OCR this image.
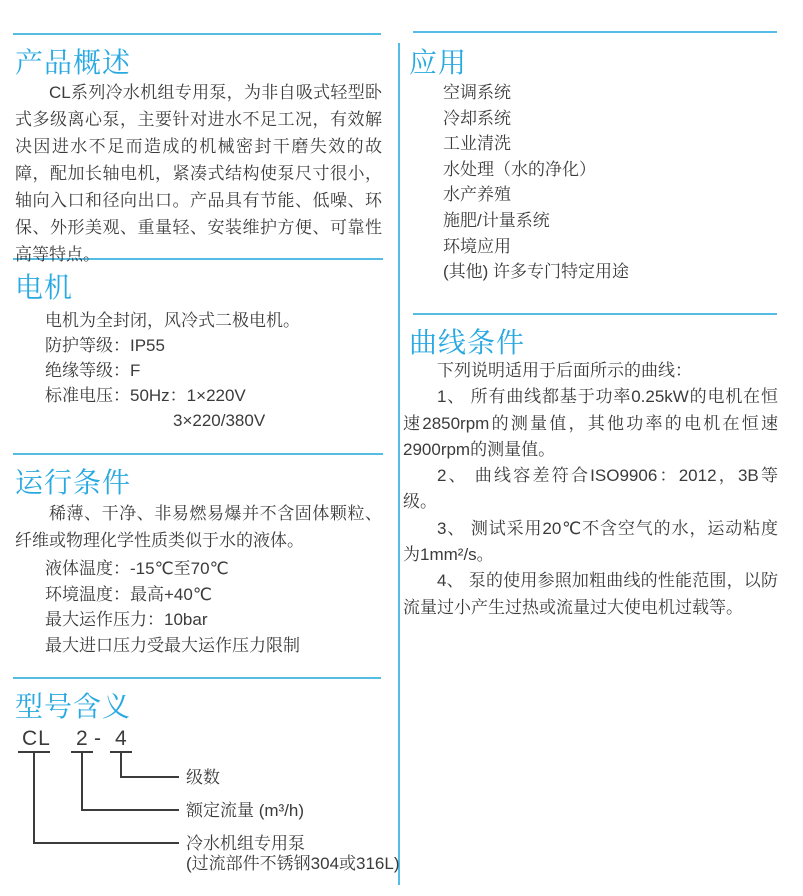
产品概述
CL系列冷水机组专用泵，为非自吸式轻型卧式多级离心泵，主要针对进水不足工况，有效解决因进水不足而造成的机械密封干磨失效的故障，配加长轴电机，紧凑式结构使泵尺寸很小，轴向入口和径向出口。产品具有节能、低噪、环保、外形美观、重量轻、安装维护方便、可靠性高等特点。
电机
电机为全封闭，风冷式二极电机。
防护等级：IP55
绝缘等级：F
标准电压：50Hz：1×220V
3×220/380V
运行条件
稀薄、干净、非易燃易爆并不含固体颗粒、纤维或物理化学性质类似于水的液体。
液体温度：-15℃至70℃
环境温度：最高+40℃
最大运作压力：10bar
最大进口压力受最大运作压力限制
型号含义
CL 2 - 4
级数
额定流量 (m³/h)
冷水机组专用泵
(过流部件不锈钢304或316L)
应用
空调系统
冷却系统
工业清洗
水处理（水的净化）
水产养殖
施肥/计量系统
环境应用
(其他) 许多专门特定用途
曲线条件

下列说明适用于后面所示的曲线：

1、 所有曲线都基于功率0.25kW的电机在恒速2850rpm的测量值，其他功率的电机在恒速2900rpm的测量值。

2、 曲线容差符合ISO9906：2012，3B等级。

3、 测试采用20℃不含空气的水，运动粘度为1mm²/s。

4、 泵的使用参照加粗曲线的性能范围，以防流量过小产生过热或流量过大使电机过载等。
